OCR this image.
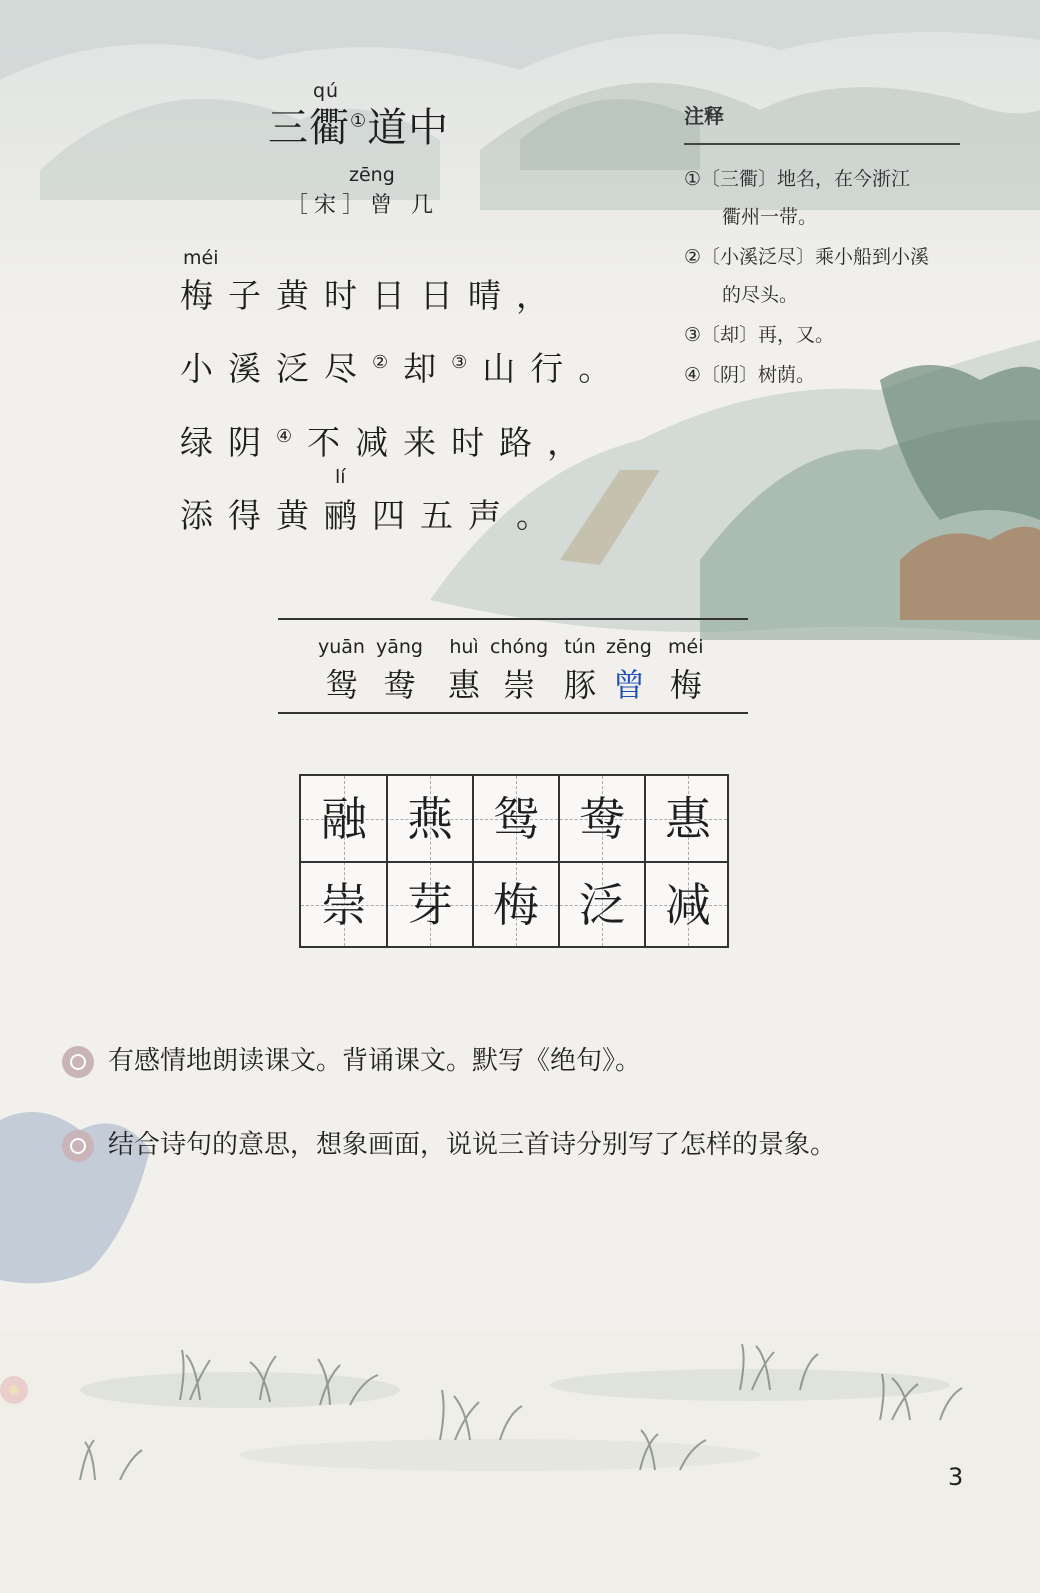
三
qú
衢①道中
zēng
［宋］曾 几
méi
梅子黄时日日晴，
小溪泛尽②却③山行。
绿阴④不减来时路，
lí
添得黄鹂四五声。
注释
①〔三衢〕地名，在今浙江
衢州一带。
②〔小溪泛尽〕乘小船到小溪
的尽头。
③〔却〕再，又。
④〔阴〕树荫。
yuān
鸳
yāng
鸯
huì
惠
chóng
崇
tún
豚
zēng
曾
méi
梅
融 燕 鸳 鸯 惠
崇 芽 梅 泛 减
有感情地朗读课文。背诵课文。默写《绝句》。
结合诗句的意思，想象画面，说说三首诗分别写了怎样的景象。
3
